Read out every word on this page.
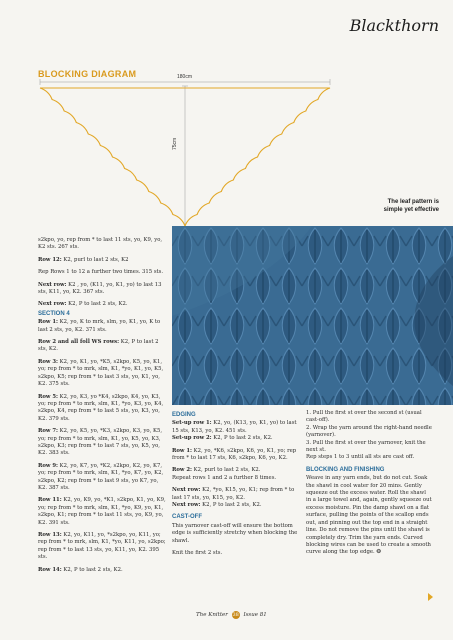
Blackthorn
BLOCKING DIAGRAM	180cm
75cm
The leaf pattern is
simple yet effective

s2kpo, yo, rep from * to last 11 sts, yo, K9, yo, K2 sts. 267 sts.

Row 12: K2, purl to last 2 sts, K2

Rep Rows 1 to 12 a further two times. 315 sts.

Next row: K2 , yo, (K11, yo, K1, yo) to last 13 sts, K11, yo, K2. 367 sts.

Next row: K2, P to last 2 sts, K2.

SECTION 4

Row 1: K2, yo, K to mrk, slm, yo, K1, yo, K to last 2 sts, yo, K2. 371 sts.

Row 2 and all foll WS rows: K2, P to last 2 sts, K2.

Row 3: K2, yo, K1, yo, *K5, s2kpo, K5, yo, K1, yo; rep from * to mrk, slm, K1, *yo, K1, yo, K5, s2kpo, K5; rep from * to last 3 sts, yo, K1, yo, K2. 375 sts.

Row 5: K2, yo, K3, yo *K4, s2kpo, K4, yo, K3, yo; rep from * to mrk, slm, K1, *yo, K3, yo, K4, s2kpo, K4, rep from * to last 5 sts, yo, K3, yo, K2. 379 sts.

Row 7: K2, yo, K5, yo, *K3, s2kpo, K3, yo, K5, yo; rep from * to mrk, slm, K1, yo, K5, yo, K3, s2kpo, K3; rep from * to last 7 sts, yo, K5, yo, K2. 383 sts.

Row 9: K2, yo, K7, yo, *K2, s2kpo, K2, yo, K7, yo; rep from * to mrk, slm, K1, *yo, K7, yo, K2, s2kpo, K2; rep from * to last 9 sts, yo K7, yo, K2. 387 sts.

Row 11: K2, yo, K9, yo, *K1, s2kpo, K1, yo, K9, yo; rep from * to mrk, slm, K1, *yo, K9, yo, K1, s2kpo, K1; rep from * to last 11 sts, yo, K9, yo, K2. 391 sts.

Row 13: K2, yo, K11, yo, *s2kpo, yo, K11, yo; rep from * to mrk, slm, K1, *yo, K11, yo, s2kpo; rep from * to last 13 sts, yo, K11, yo, K2. 395 sts.

Row 14: K2, P to last 2 sts, K2.

EDGING

Set-up row 1: K2, yo, (K13, yo, K1, yo) to last 15 sts, K13, yo, K2. 451 sts.

Set-up row 2: K2, P to last 2 sts, K2.

Row 1: K2, yo, *K6, s2kpo, K6, yo, K1, yo; rep from * to last 17 sts, K6, s2kpo, K6, yo, K2.

Row 2: K2, purl to last 2 sts, K2.

Repeat rows 1 and 2 a further 8 times.

Next row: K2, *yo, K15, yo, K1; rep from * to last 17 sts, yo, K15, yo, K2.

Next row: K2, P to last 2 sts, K2.

CAST-OFF

This yarnover cast-off will ensure the bottom edge is sufficiently stretchy when blocking the shawl.

Knit the first 2 sts.

1. Pull the first st over the second st (usual cast-off).

2. Wrap the yarn around the right-hand needle (yarnover).

3. Pull the first st over the yarnover, knit the next st.

Rep steps 1 to 3 until all sts are cast off.

BLOCKING AND FINISHING

Weave in any yarn ends, but do not cut. Soak the shawl in cool water for 20 mins. Gently squeeze out the excess water. Roll the shawl in a large towel and, again, gently squeeze out excess moisture. Pin the damp shawl on a flat surface, pulling the points of the scallop ends out, and pinning out the top end in a straight line. Do not remove the pins until the shawl is completely dry. Trim the yarn ends. Curved blocking wires can be used to create a smooth curve along the top edge. ❂

The Knitter 38 Issue 81
